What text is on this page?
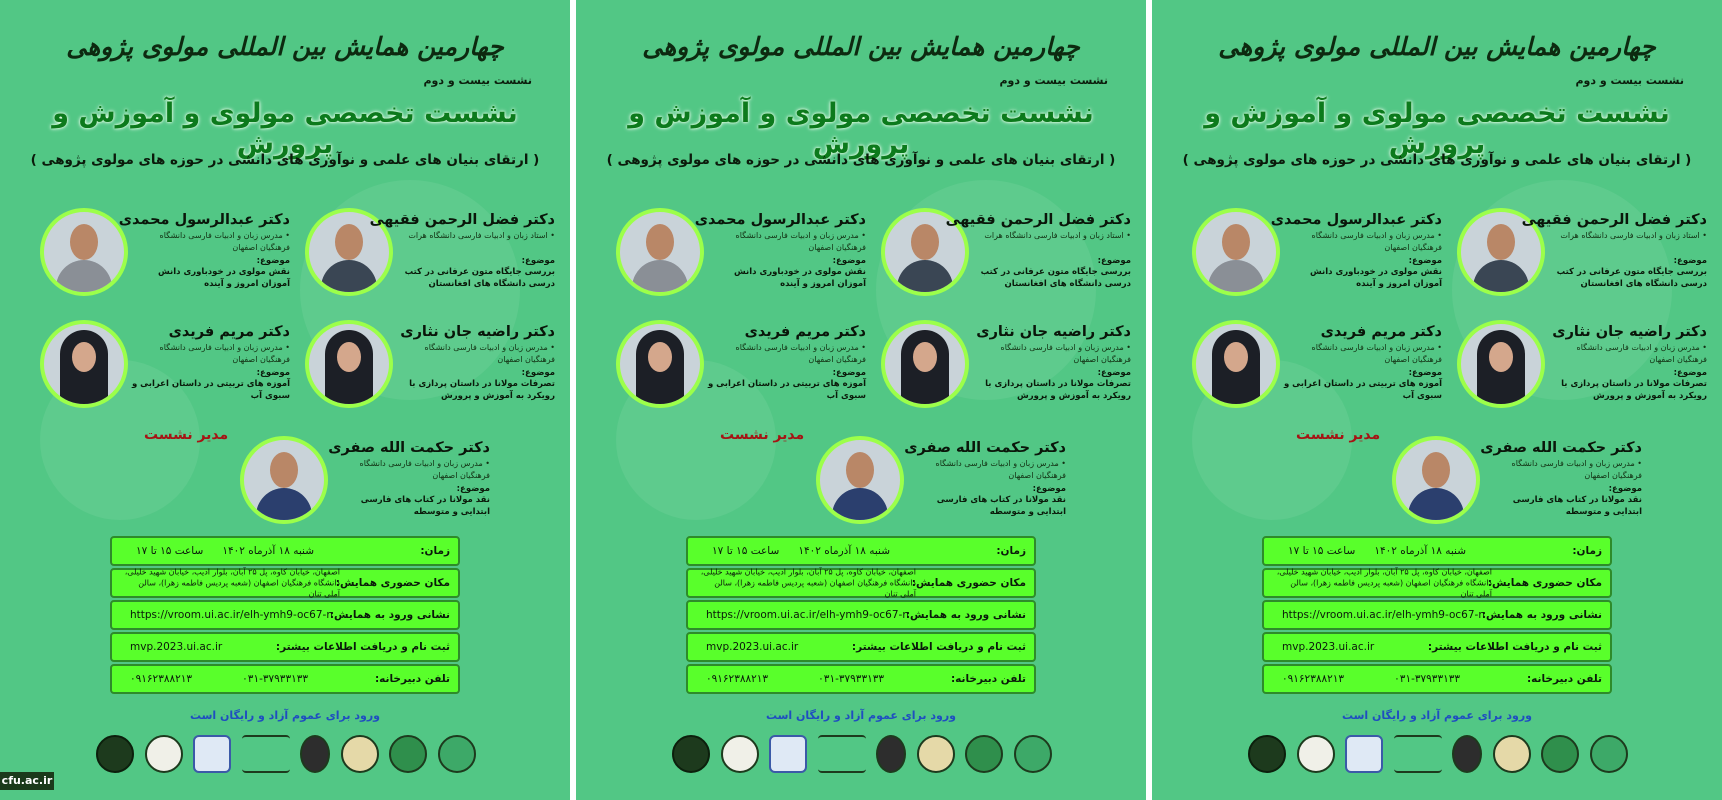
چهارمین همایش بین المللی مولوی پژوهی
نشست بیست و دوم
نشست تخصصی مولوی و آموزش و پرورش
( ارتقای بنیان های علمی و نوآوری های دانشی در حوزه های مولوی پژوهی )
دکتر فضل الرحمن فقیهی
• استاد زبان و ادبیات فارسی دانشگاه هرات
موضوع:
بررسی جایگاه متون عرفانی در کتب درسی دانشگاه های افغانستان
دکتر عبدالرسول محمدی
• مدرس زبان و ادبیات فارسی دانشگاه فرهنگیان اصفهان
موضوع:
نقش مولوی در خودباوری دانش آموزان امروز و آینده
دکتر راضیه جان نثاری
• مدرس زبان و ادبیات فارسی دانشگاه فرهنگیان اصفهان
موضوع:
تصرفات مولانا در داستان پردازی با رویکرد به آموزش و پرورش
دکتر مریم فریدی
• مدرس زبان و ادبیات فارسی دانشگاه فرهنگیان اصفهان
موضوع:
آموزه های تربیتی در داستان اعرابی و سبوی آب
دکتر حکمت الله صفری
• مدرس زبان و ادبیات فارسی دانشگاه فرهنگیان اصفهان
موضوع:
نقد مولانا در کتاب های فارسی ابتدایی و متوسطه
مدیر نشست
زمان:
شنبه ۱۸ آذرماه ۱۴۰۲
ساعت ۱۵ تا ۱۷
مکان حضوری همایش:
اصفهان، خیابان کاوه، پل ۲۵ آبان، بلوار ادیب، خیابان شهید خلیلی، دانشگاه فرهنگیان اصفهان (شعبه پردیس فاطمه زهرا)، سالن آملی تنان
نشانی ورود به همایش:
https://vroom.ui.ac.ir/elh-ymh9-oc67-n
ثبت نام و دریافت اطلاعات بیشتر:
mvp.2023.ui.ac.ir
تلفن دبیرخانه:
۰۳۱-۳۷۹۳۳۱۳۳
۰۹۱۶۲۳۸۸۲۱۳
ورود برای عموم آزاد و رایگان است
چهارمین همایش بین المللی مولوی پژوهی
نشست بیست و دوم
نشست تخصصی مولوی و آموزش و پرورش
( ارتقای بنیان های علمی و نوآوری های دانشی در حوزه های مولوی پژوهی )
دکتر فضل الرحمن فقیهی
• استاد زبان و ادبیات فارسی دانشگاه هرات
موضوع:
بررسی جایگاه متون عرفانی در کتب درسی دانشگاه های افغانستان
دکتر عبدالرسول محمدی
• مدرس زبان و ادبیات فارسی دانشگاه فرهنگیان اصفهان
موضوع:
نقش مولوی در خودباوری دانش آموزان امروز و آینده
دکتر راضیه جان نثاری
• مدرس زبان و ادبیات فارسی دانشگاه فرهنگیان اصفهان
موضوع:
تصرفات مولانا در داستان پردازی با رویکرد به آموزش و پرورش
دکتر مریم فریدی
• مدرس زبان و ادبیات فارسی دانشگاه فرهنگیان اصفهان
موضوع:
آموزه های تربیتی در داستان اعرابی و سبوی آب
دکتر حکمت الله صفری
• مدرس زبان و ادبیات فارسی دانشگاه فرهنگیان اصفهان
موضوع:
نقد مولانا در کتاب های فارسی ابتدایی و متوسطه
مدیر نشست
زمان:
شنبه ۱۸ آذرماه ۱۴۰۲
ساعت ۱۵ تا ۱۷
مکان حضوری همایش:
اصفهان، خیابان کاوه، پل ۲۵ آبان، بلوار ادیب، خیابان شهید خلیلی، دانشگاه فرهنگیان اصفهان (شعبه پردیس فاطمه زهرا)، سالن آملی تنان
نشانی ورود به همایش:
https://vroom.ui.ac.ir/elh-ymh9-oc67-n
ثبت نام و دریافت اطلاعات بیشتر:
mvp.2023.ui.ac.ir
تلفن دبیرخانه:
۰۳۱-۳۷۹۳۳۱۳۳
۰۹۱۶۲۳۸۸۲۱۳
ورود برای عموم آزاد و رایگان است
چهارمین همایش بین المللی مولوی پژوهی
نشست بیست و دوم
نشست تخصصی مولوی و آموزش و پرورش
( ارتقای بنیان های علمی و نوآوری های دانشی در حوزه های مولوی پژوهی )
دکتر فضل الرحمن فقیهی
• استاد زبان و ادبیات فارسی دانشگاه هرات
موضوع:
بررسی جایگاه متون عرفانی در کتب درسی دانشگاه های افغانستان
دکتر عبدالرسول محمدی
• مدرس زبان و ادبیات فارسی دانشگاه فرهنگیان اصفهان
موضوع:
نقش مولوی در خودباوری دانش آموزان امروز و آینده
دکتر راضیه جان نثاری
• مدرس زبان و ادبیات فارسی دانشگاه فرهنگیان اصفهان
موضوع:
تصرفات مولانا در داستان پردازی با رویکرد به آموزش و پرورش
دکتر مریم فریدی
• مدرس زبان و ادبیات فارسی دانشگاه فرهنگیان اصفهان
موضوع:
آموزه های تربیتی در داستان اعرابی و سبوی آب
دکتر حکمت الله صفری
• مدرس زبان و ادبیات فارسی دانشگاه فرهنگیان اصفهان
موضوع:
نقد مولانا در کتاب های فارسی ابتدایی و متوسطه
مدیر نشست
زمان:
شنبه ۱۸ آذرماه ۱۴۰۲
ساعت ۱۵ تا ۱۷
مکان حضوری همایش:
اصفهان، خیابان کاوه، پل ۲۵ آبان، بلوار ادیب، خیابان شهید خلیلی، دانشگاه فرهنگیان اصفهان (شعبه پردیس فاطمه زهرا)، سالن آملی تنان
نشانی ورود به همایش:
https://vroom.ui.ac.ir/elh-ymh9-oc67-n
ثبت نام و دریافت اطلاعات بیشتر:
mvp.2023.ui.ac.ir
تلفن دبیرخانه:
۰۳۱-۳۷۹۳۳۱۳۳
۰۹۱۶۲۳۸۸۲۱۳
ورود برای عموم آزاد و رایگان است
cfu.ac.ir
